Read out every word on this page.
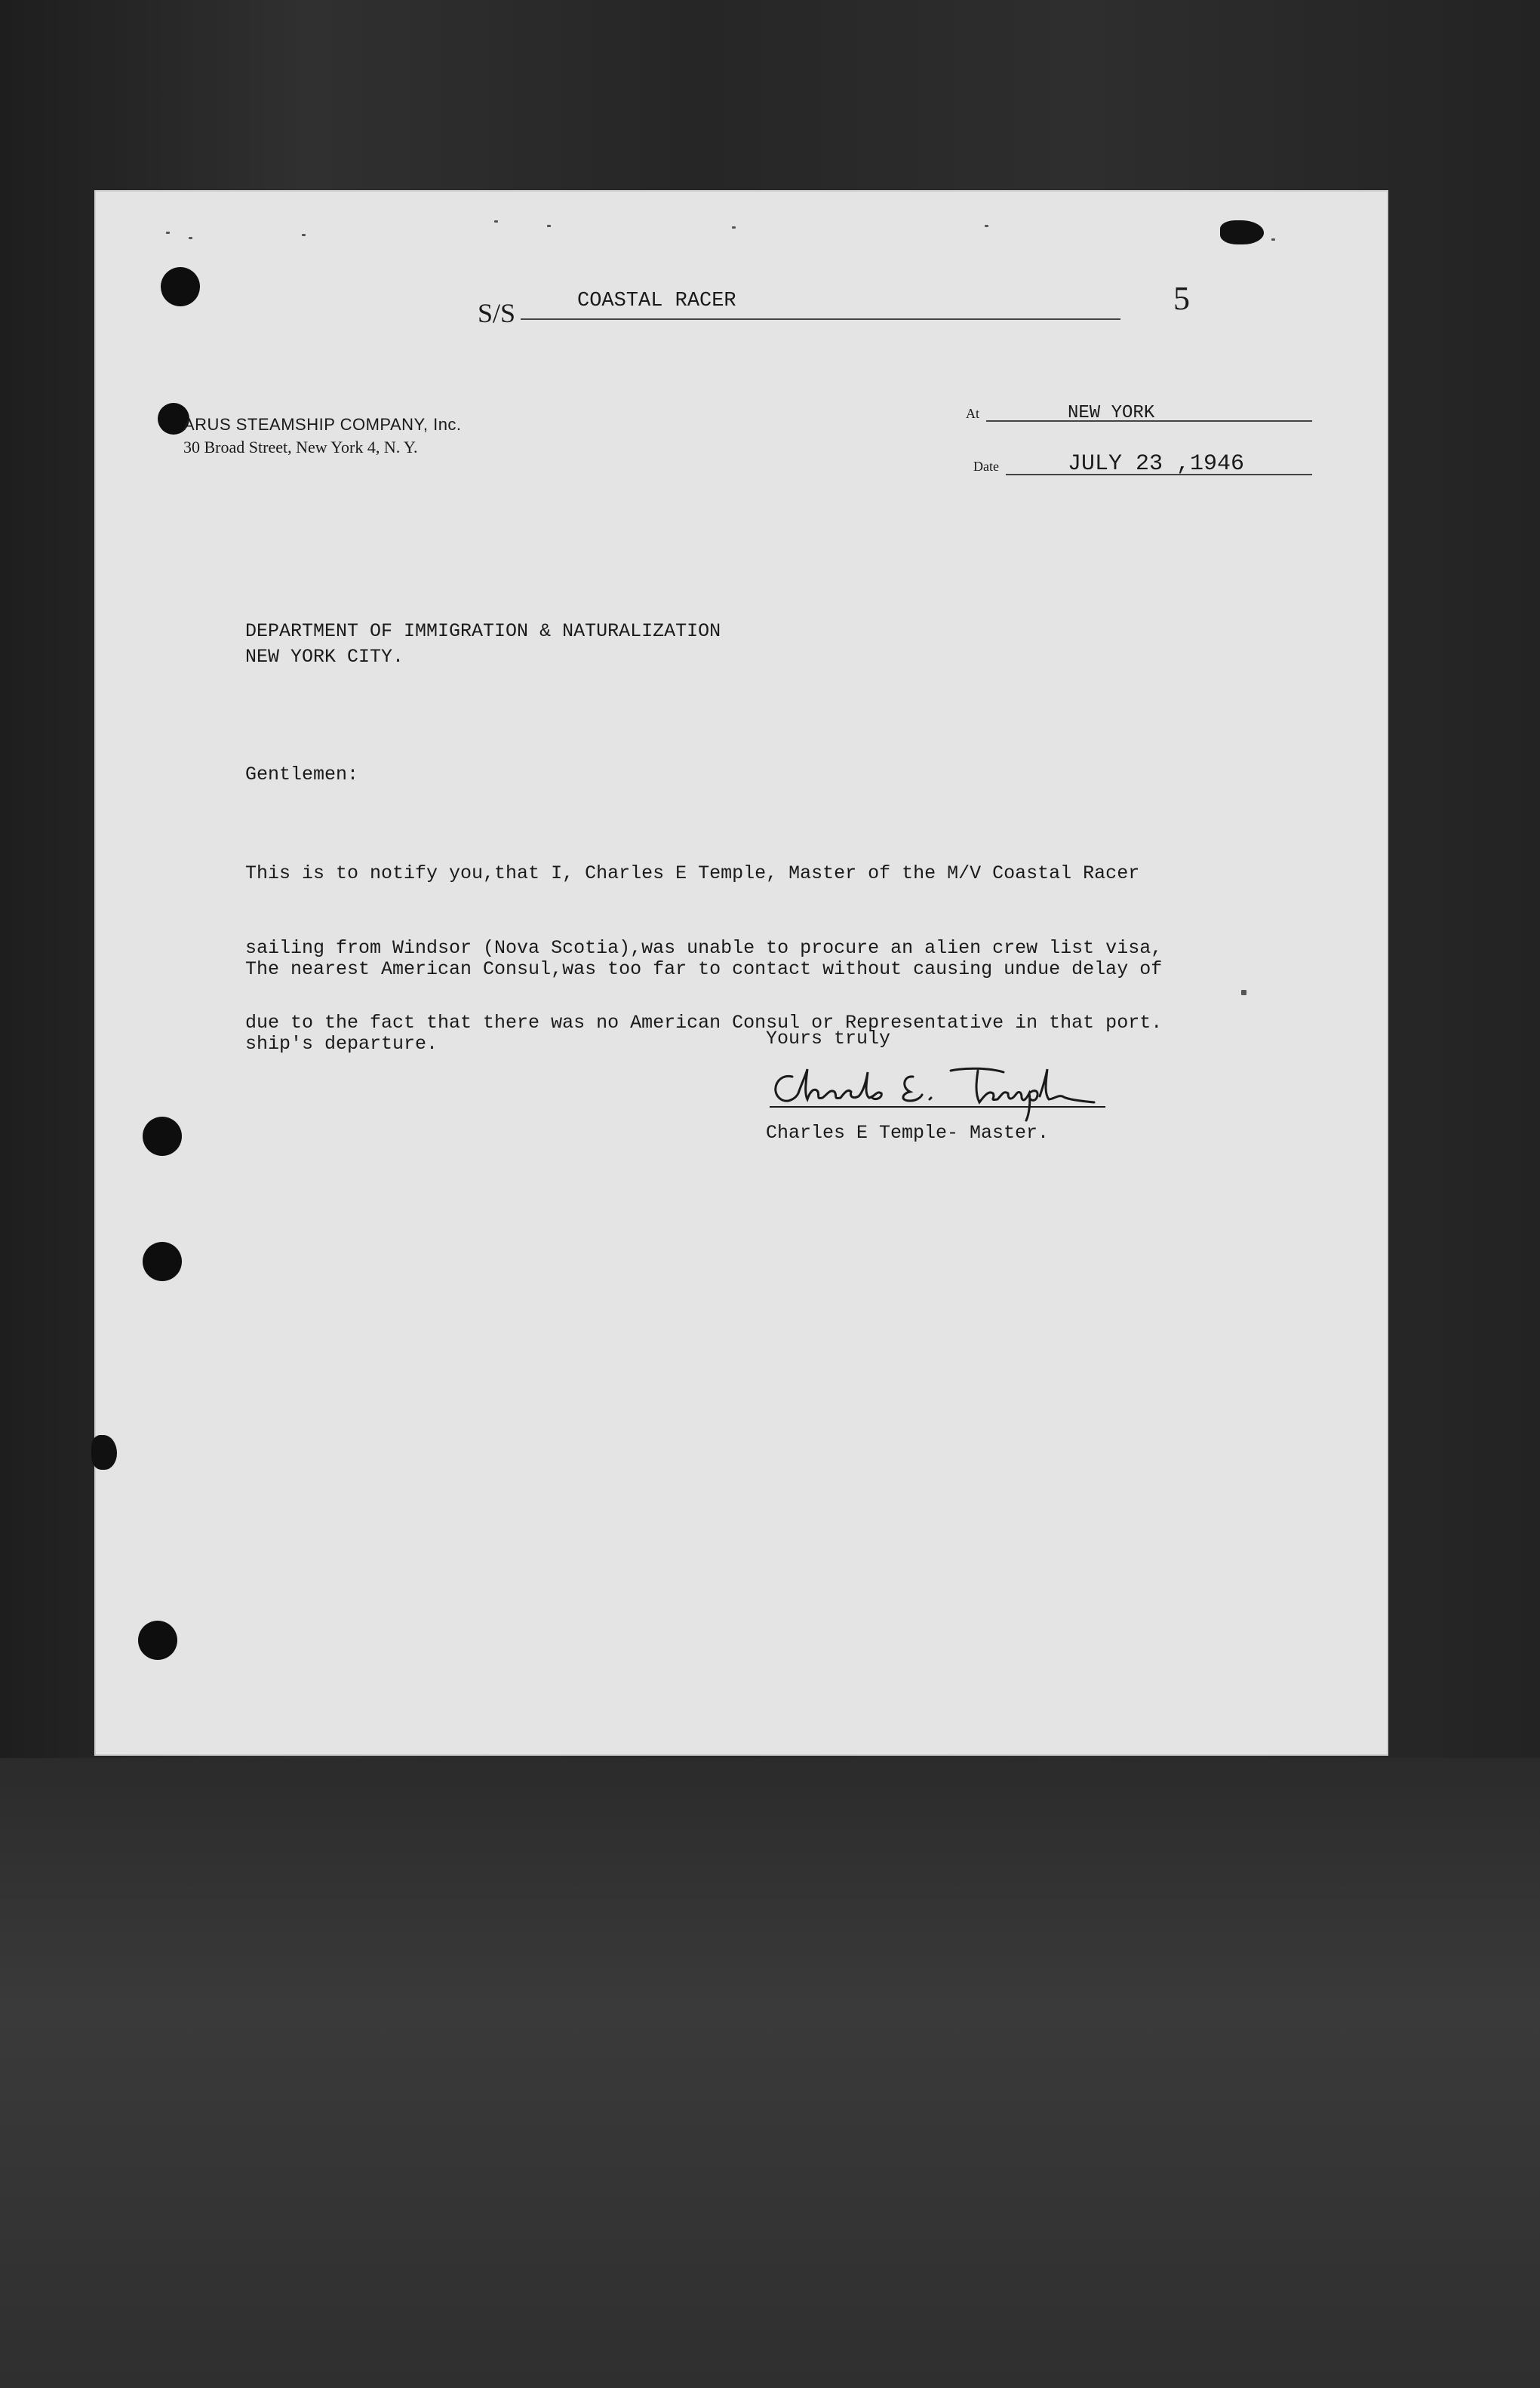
S/S	COASTAL RACER	5
ARUS STEAMSHIP COMPANY, Inc.
30 Broad Street, New York 4, N. Y.
At	NEW YORK
Date	JULY 23 ,1946
DEPARTMENT OF IMMIGRATION & NATURALIZATION
NEW YORK CITY.
Gentlemen:

This is to notify you,that I, Charles E Temple, Master of the M/V Coastal Racer

sailing from Windsor (Nova Scotia),was unable to procure an alien crew list visa,

due to the fact that there was no American Consul or Representative in that port.

The nearest American Consul,was too far to contact without causing undue delay of

ship's departure.

	Yours truly
Charles E Temple- Master.
